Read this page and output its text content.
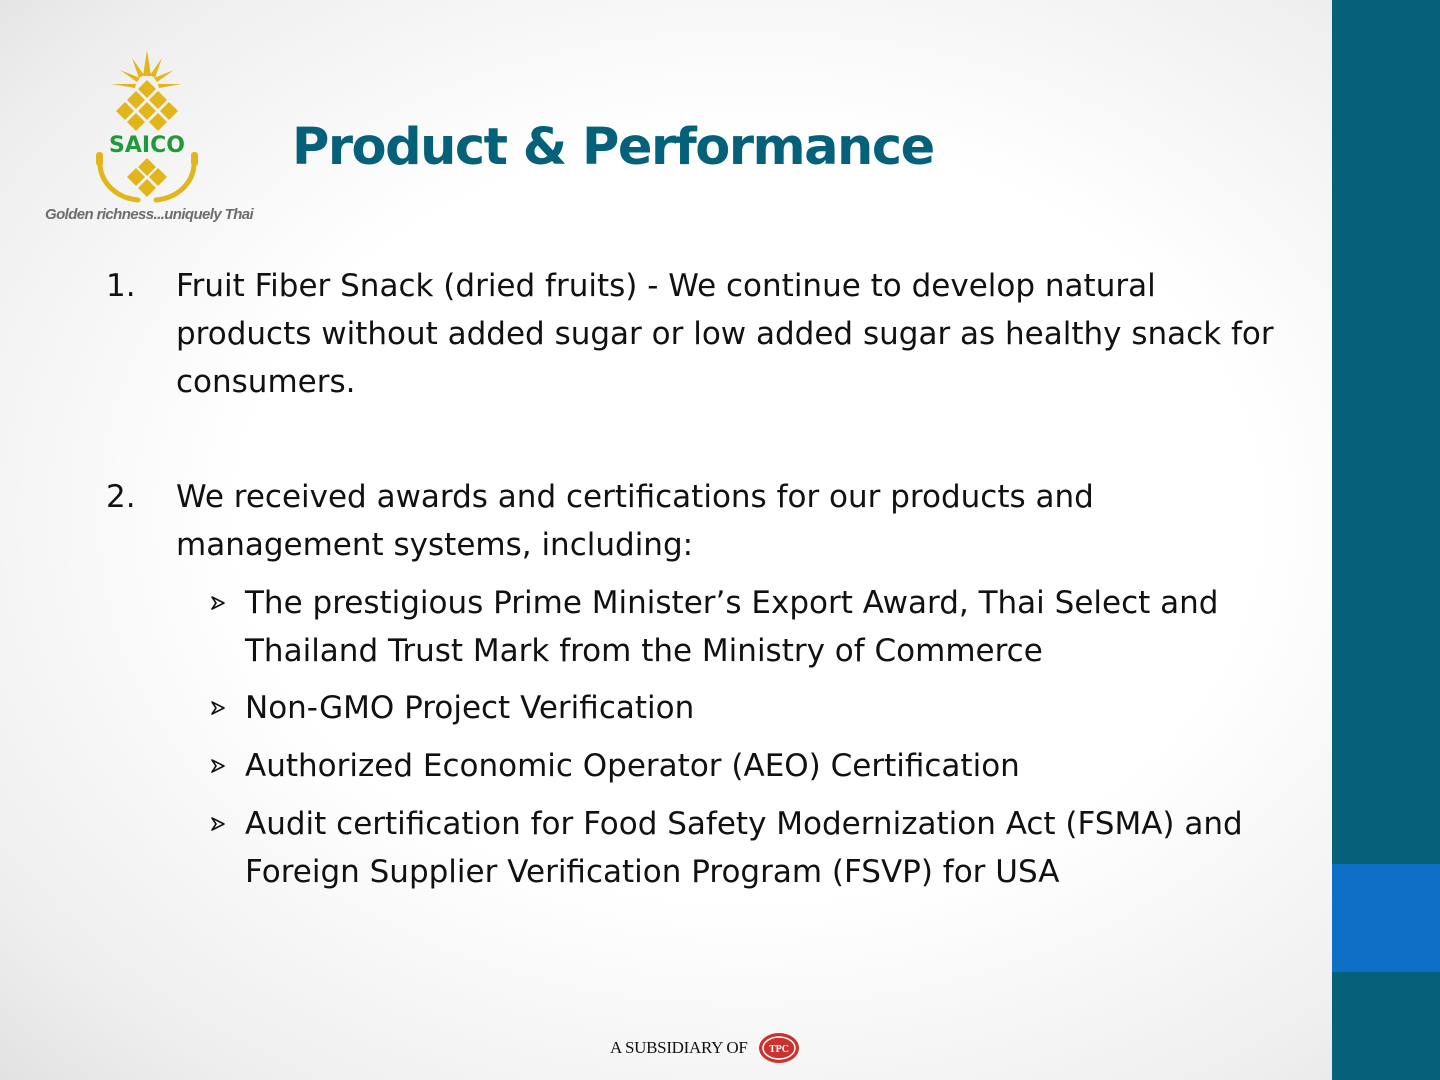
SAICO
Golden richness...uniquely Thai
Product & Performance
1. Fruit Fiber Snack (dried fruits) - We continue to develop natural products without added sugar or low added sugar as healthy snack for consumers.
2. We received awards and certifications for our products and management systems, including:
The prestigious Prime Minister’s Export Award, Thai Select and Thailand Trust Mark from the Ministry of Commerce
Non-GMO Project Verification
Authorized Economic Operator (AEO) Certification
Audit certification for Food Safety Modernization Act (FSMA) and Foreign Supplier Verification Program (FSVP) for USA
A SUBSIDIARY OF TPC
